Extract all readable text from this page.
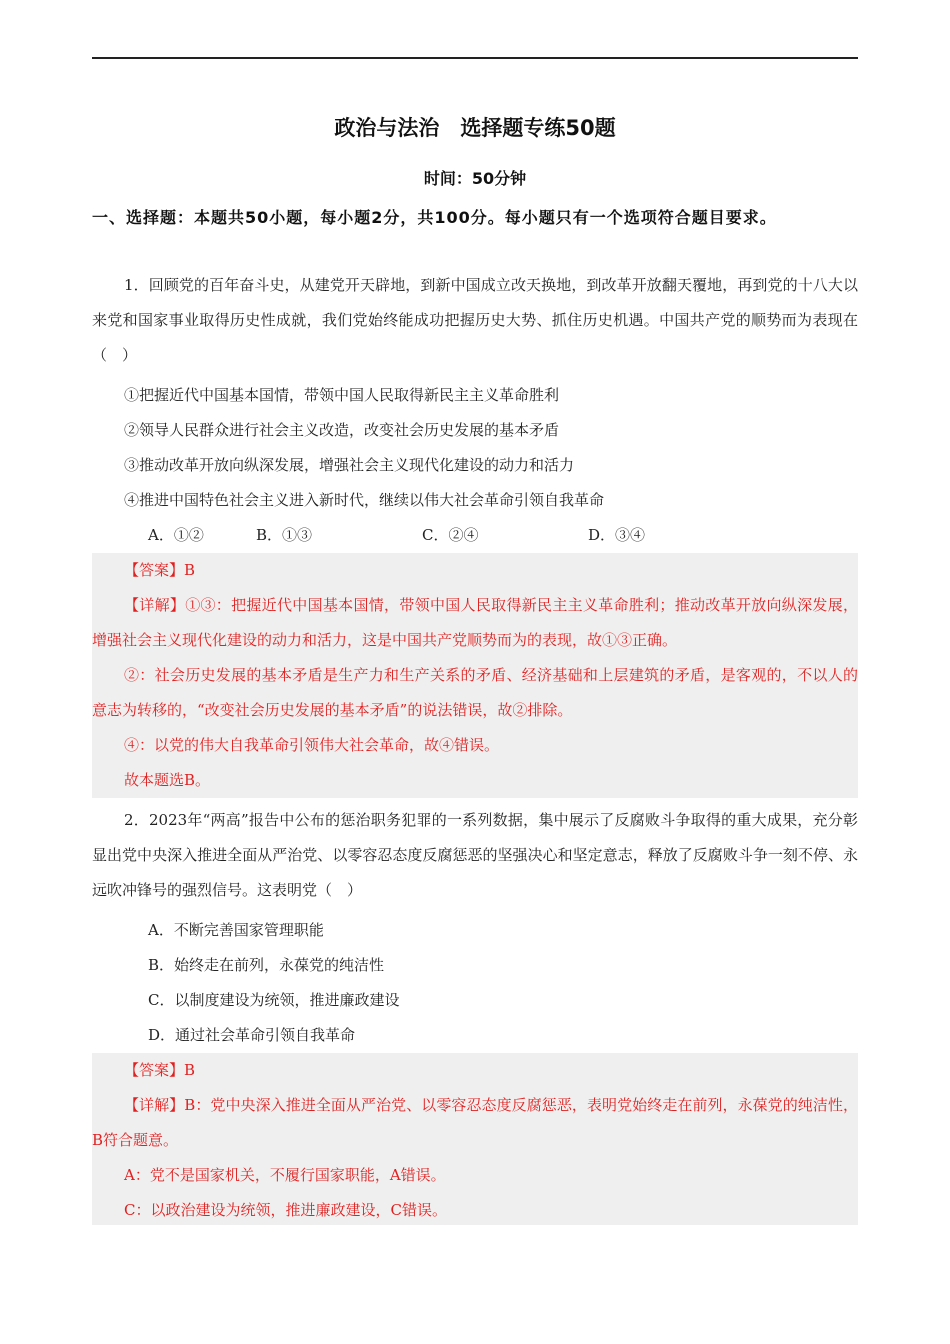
政治与法治　选择题专练50题
时间：50分钟
一、选择题：本题共50小题，每小题2分，共100分。每小题只有一个选项符合题目要求。
1．回顾党的百年奋斗史，从建党开天辟地，到新中国成立改天换地，到改革开放翻天覆地，再到党的十八大以来党和国家事业取得历史性成就，我们党始终能成功把握历史大势、抓住历史机遇。中国共产党的顺势而为表现在（　）
①把握近代中国基本国情，带领中国人民取得新民主主义革命胜利
②领导人民群众进行社会主义改造，改变社会历史发展的基本矛盾
③推动改革开放向纵深发展，增强社会主义现代化建设的动力和活力
④推进中国特色社会主义进入新时代，继续以伟大社会革命引领自我革命
A．①②	B．①③	C．②④	D．③④
【答案】B
【详解】①③：把握近代中国基本国情，带领中国人民取得新民主主义革命胜利；推动改革开放向纵深发展，增强社会主义现代化建设的动力和活力，这是中国共产党顺势而为的表现，故①③正确。
②：社会历史发展的基本矛盾是生产力和生产关系的矛盾、经济基础和上层建筑的矛盾，是客观的，不以人的意志为转移的，“改变社会历史发展的基本矛盾”的说法错误，故②排除。
④：以党的伟大自我革命引领伟大社会革命，故④错误。
故本题选B。
2．2023年“两高”报告中公布的惩治职务犯罪的一系列数据，集中展示了反腐败斗争取得的重大成果，充分彰显出党中央深入推进全面从严治党、以零容忍态度反腐惩恶的坚强决心和坚定意志，释放了反腐败斗争一刻不停、永远吹冲锋号的强烈信号。这表明党（　）
A．不断完善国家管理职能
B．始终走在前列，永葆党的纯洁性
C．以制度建设为统领，推进廉政建设
D．通过社会革命引领自我革命
【答案】B
【详解】B：党中央深入推进全面从严治党、以零容忍态度反腐惩恶，表明党始终走在前列，永葆党的纯洁性，B符合题意。
A：党不是国家机关，不履行国家职能，A错误。
C：以政治建设为统领，推进廉政建设，C错误。
